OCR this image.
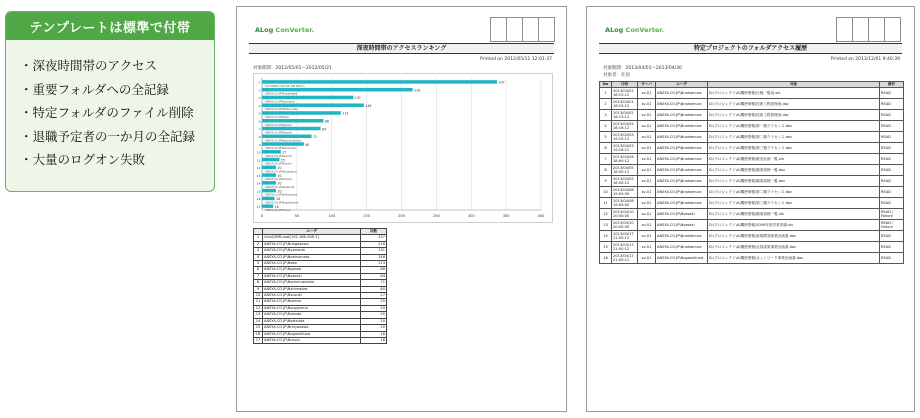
テンプレートは標準で付帯
・深夜時間帯のアクセス
・重要フォルダへの全記録
・特定フォルダのファイル削除
・退職予定者の一か月の全記録
・大量のログオン失敗
ALog ConVerter.
深夜時間帯のアクセスランキング
Printed on 2012/05/11 12:01:37
対象期間：2012/05/01～2012/05/21
0	50	100	150	200	250	300	350	400
337
1
Unix\DNR-root[192.168.208.1]
216
2
ANSYA.CO.JP\Nnagasawa
131
3
ANSYA.CO.JP\Nyamada
146
4
ANSYA.CO.JP\Nkatsumata
113
5
ANSYA.CO.JP\Nabe
88
6
ANSYA.CO.JP\Ngoseo
84
7
ANSYA.CO.JP\Nsasaki
71
8
ANSYA.CO.JP\Nadministrator
60
9
ANSYA.CO.JP\Nshimadas
27
10
ANSYA.CO.JP\Nsuzuki
25
11
ANSYA.CO.JP\Nokano
20
12
ANSYA.CO.JP\Nsugiyama
20
13
ANSYA.CO.JP\Nokada
20
14
ANSYA.CO.JP\Nsatsuda
20
15
ANSYA.CO.JP\Nmiyazawa
18
16
ANSYA.CO.JP\Nogashihara
16
17
ANSYA.CO.JP\Nmuro
	ユーザ	回数
1	Unix\DNR-root[192.168.208.1]	337
2	ANSYA.CO.JP\Nnagasawa	216
3	ANSYA.CO.JP\Nyamada	131
4	ANSYA.CO.JP\Nkatsumata	146
5	ANSYA.CO.JP\Nabe	113
6	ANSYA.CO.JP\Ngoseo	88
7	ANSYA.CO.JP\Nsasaki	84
8	ANSYA.CO.JP\Nadministrator	71
9	ANSYA.CO.JP\Nshimadas	60
10	ANSYA.CO.JP\Nsuzuki	27
11	ANSYA.CO.JP\Nokano	25
12	ANSYA.CO.JP\Nsugiyama	20
13	ANSYA.CO.JP\Nokada	20
14	ANSYA.CO.JP\Nsatsuda	20
15	ANSYA.CO.JP\Nmiyazawa	20
16	ANSYA.CO.JP\Nogashihara	18
17	ANSYA.CO.JP\Nmuro	16
ALog ConVerter.
特定プロジェクトのフォルダアクセス履歴
Printed on 2013/12/01 9:40:39
対象期間：2013/04/01～2013/04/30
対象者：社員
No	日時	サーバ	ユーザ	対象	操作
1	2013/04/01 18:15:12	sv-01	ANSYA.CO.JP\Nnakamura	D:\プロジェクト\A\機密情報\仕様一覧表.xls	READ
2	2013/04/01 18:15:12	sv-01	ANSYA.CO.JP\Nnakamura	D:\プロジェクト\A\機密情報\技術工程管理表.doc	READ
3	2013/04/02 16:13:12	sv-01	ANSYA.CO.JP\Nnakamura	D:\プロジェクト\A\機密情報\技術工程管理表.doc	READ
4	2013/04/02 16:16:12	sv-01	ANSYA.CO.JP\Nnakamura	D:\プロジェクト\A\機密情報\第一期ライセンス.doc	READ
5	2013/04/03 19:15:12	sv-01	ANSYA.CO.JP\Nnakamura	D:\プロジェクト\A\機密情報\第二期ライセンス.doc	READ
6	2013/04/03 19:16:12	sv-01	ANSYA.CO.JP\Nnakamura	D:\プロジェクト\A\機密情報\第三期ライセンス.doc	READ
7	2013/04/04 18:00:12	sv-01	ANSYA.CO.JP\Nnakamura	D:\プロジェクト\A\機密情報\販売計画一覧.xls	READ
8	2013/04/05 18:00:12	sv-01	ANSYA.CO.JP\Nnakamura	D:\プロジェクト\A\機密情報\顧客管理一覧.doc	READ
9	2013/04/05 18:00:12	sv-01	ANSYA.CO.JP\Nnakamura	D:\プロジェクト\A\機密情報\顧客管理一覧.doc	READ
10	2013/04/08 19:00:00	sv-01	ANSYA.CO.JP\Nnakamura	D:\プロジェクト\A\機密情報\第二期ライセンス.doc	READ
11	2013/04/08 19:00:00	sv-01	ANSYA.CO.JP\Nnakamura	D:\プロジェクト\A\機密情報\第三期ライセンス.doc	READ
12	2013/04/10 20:00:00	sv-01	ANSYA.CO.JP\Nsasaki	D:\プロジェクト\A\機密情報\顧客管理一覧.xls	READ / Failure
13	2013/04/10 20:00:00	sv-01	ANSYA.CO.JP\Nsasaki	D:\プロジェクト\A\機密情報\2009年度営業実績.xls	READ / Failure
14	2013/04/17 21:00:12	sv-01	ANSYA.CO.JP\Nnakamura	D:\プロジェクト\A\機密情報\新規開発事業計画書.doc	READ
15	2013/04/17 21:00:12	sv-01	ANSYA.CO.JP\Nnakamura	D:\プロジェクト\A\機密情報\社員成果事業計画書.doc	READ
16	2013/04/17 21:00:12	sv-01	ANSYA.CO.JP\Nogashihara	D:\プロジェクト\A\機密情報\ネットワーク事業計画書.doc	READ
